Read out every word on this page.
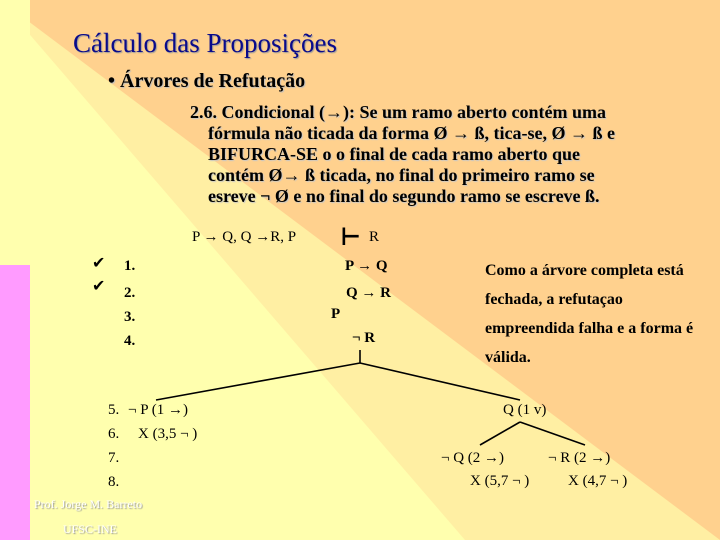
Cálculo das Proposições
• Árvores de Refutação
2.6. Condicional (→): Se um ramo aberto contém uma
fórmula não ticada da forma Ø → ß, tica-se, Ø → ß e
BIFURCA-SE o o final de cada ramo aberto que
contém Ø→ ß ticada, no final do primeiro ramo se
esreve ¬ Ø e no final do segundo ramo se escreve ß.
P → Q, Q →R, P ⊢ R
✔
✔
1.
2.
3.
4.
P → Q
Q → R
P
¬ R
Como a árvore completa está fechada, a refutaçao empreendida falha e a forma é válida.
5.
6.
7.
8.
¬ P (1 →)
X (3,5 ¬ )
Q (1 v)
¬ Q (2 →)
X (5,7 ¬ )
¬ R (2 →)
X (4,7 ¬ )
Prof. Jorge M. Barreto
UFSC-INE
